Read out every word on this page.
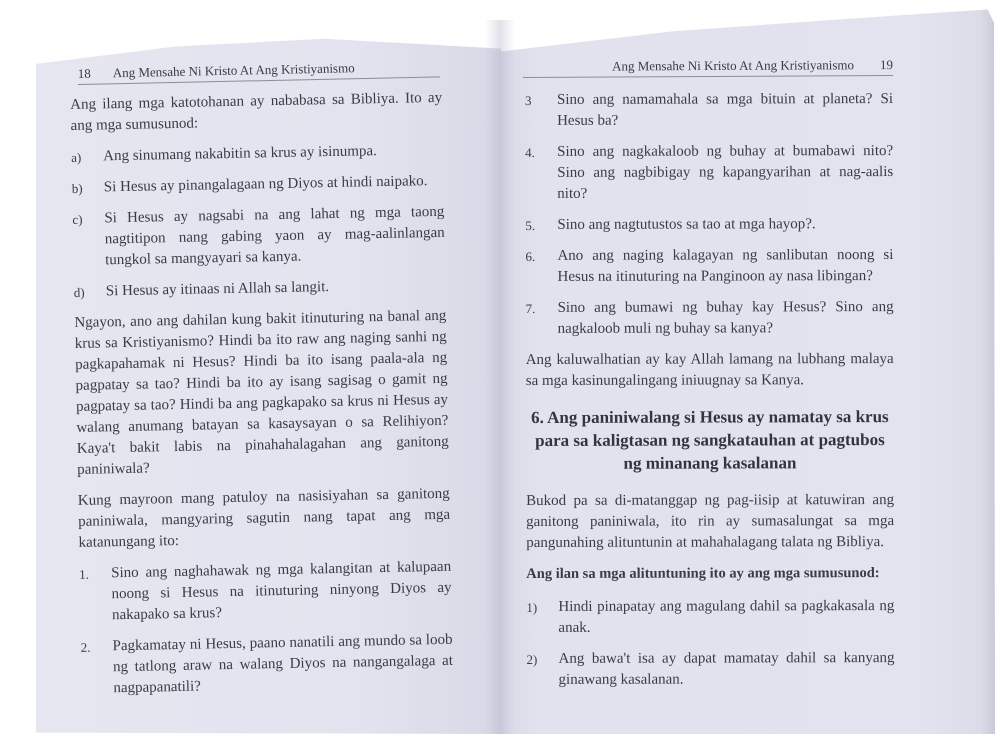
18 Ang Mensahe Ni Kristo At Ang Kristiyanismo

Ang ilang mga katotohanan ay nababasa sa Bibliya. Ito ay ang mga sumusunod:

a)	Ang sinumang nakabitin sa krus ay isinumpa.
b)	Si Hesus ay pinangalagaan ng Diyos at hindi naipako.
c)	Si Hesus ay nagsabi na ang lahat ng mga taong nagtitipon nang gabing yaon ay mag-aalinlangan tungkol sa mangyayari sa kanya.
d)	Si Hesus ay itinaas ni Allah sa langit.

Ngayon, ano ang dahilan kung bakit itinuturing na banal ang krus sa Kristiyanismo? Hindi ba ito raw ang naging sanhi ng pagkapahamak ni Hesus? Hindi ba ito isang paala-ala ng pagpatay sa tao? Hindi ba ito ay isang sagisag o gamit ng pagpatay sa tao? Hindi ba ang pagkapako sa krus ni Hesus ay walang anumang batayan sa kasaysayan o sa Relihiyon? Kaya't bakit labis na pinahahalagahan ang ganitong paniniwala?

Kung mayroon mang patuloy na nasisiyahan sa ganitong paniniwala, mangyaring sagutin nang tapat ang mga katanungang ito:

1.	Sino ang naghahawak ng mga kalangitan at kalupaan noong si Hesus na itinuturing ninyong Diyos ay nakapako sa krus?
2.	Pagkamatay ni Hesus, paano nanatili ang mundo sa loob ng tatlong araw na walang Diyos na nangangalaga at nagpapanatili?
Ang Mensahe Ni Kristo At Ang Kristiyanismo 19
3	Sino ang namamahala sa mga bituin at planeta? Si Hesus ba?
4.	Sino ang nagkakaloob ng buhay at bumabawi nito? Sino ang nagbibigay ng kapangyarihan at nag-aalis nito?
5.	Sino ang nagtutustos sa tao at mga hayop?.
6.	Ano ang naging kalagayan ng sanlibutan noong si Hesus na itinuturing na Panginoon ay nasa libingan?
7.	Sino ang bumawi ng buhay kay Hesus? Sino ang nagkaloob muli ng buhay sa kanya?

Ang kaluwalhatian ay kay Allah lamang na lubhang malaya sa mga kasinungalingang iniuugnay sa Kanya.

6. Ang paniniwalang si Hesus ay namatay sa krus para sa kaligtasan ng sangkatauhan at pagtubos ng minanang kasalanan

Bukod pa sa di-matanggap ng pag-iisip at katuwiran ang ganitong paniniwala, ito rin ay sumasalungat sa mga pangunahing alituntunin at mahahalagang talata ng Bibliya.

Ang ilan sa mga alituntuning ito ay ang mga sumusunod:
1)	Hindi pinapatay ang magulang dahil sa pagkakasala ng anak.
2)	Ang bawa't isa ay dapat mamatay dahil sa kanyang ginawang kasalanan.
